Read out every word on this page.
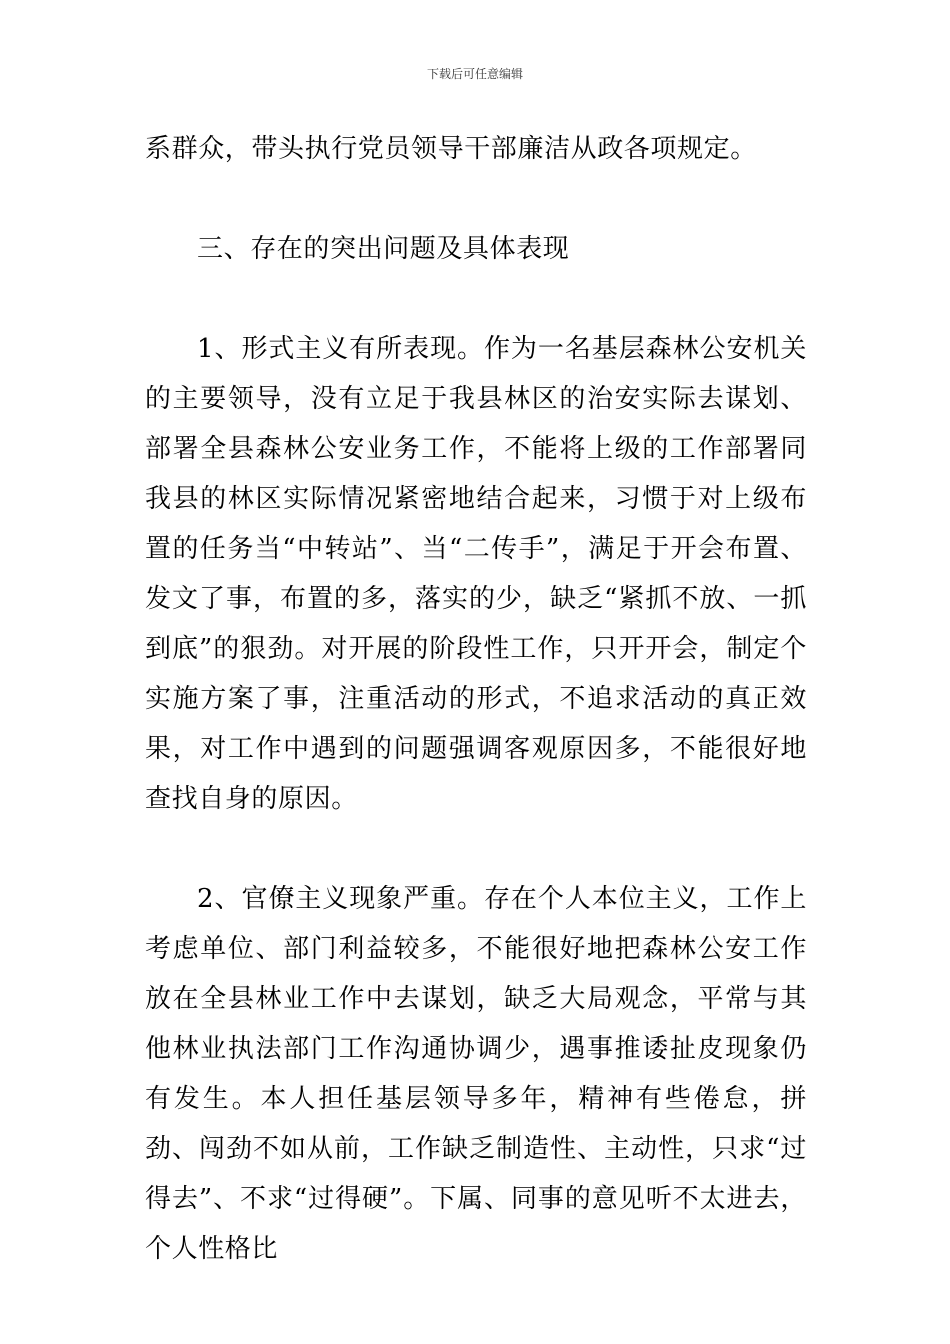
下载后可任意编辑

系群众，带头执行党员领导干部廉洁从政各项规定。

三、存在的突出问题及具体表现

1、形式主义有所表现。作为一名基层森林公安机关的主要领导，没有立足于我县林区的治安实际去谋划、部署全县森林公安业务工作，不能将上级的工作部署同我县的林区实际情况紧密地结合起来，习惯于对上级布置的任务当“中转站”、当“二传手”，满足于开会布置、发文了事，布置的多，落实的少，缺乏“紧抓不放、一抓到底”的狠劲。对开展的阶段性工作，只开开会，制定个实施方案了事，注重活动的形式，不追求活动的真正效果，对工作中遇到的问题强调客观原因多，不能很好地查找自身的原因。

2、官僚主义现象严重。存在个人本位主义，工作上考虑单位、部门利益较多，不能很好地把森林公安工作放在全县林业工作中去谋划，缺乏大局观念，平常与其他林业执法部门工作沟通协调少，遇事推诿扯皮现象仍有发生。本人担任基层领导多年，精神有些倦怠，拼劲、闯劲不如从前，工作缺乏制造性、主动性，只求“过得去”、不求“过得硬”。下属、同事的意见听不太进去，个人性格比
